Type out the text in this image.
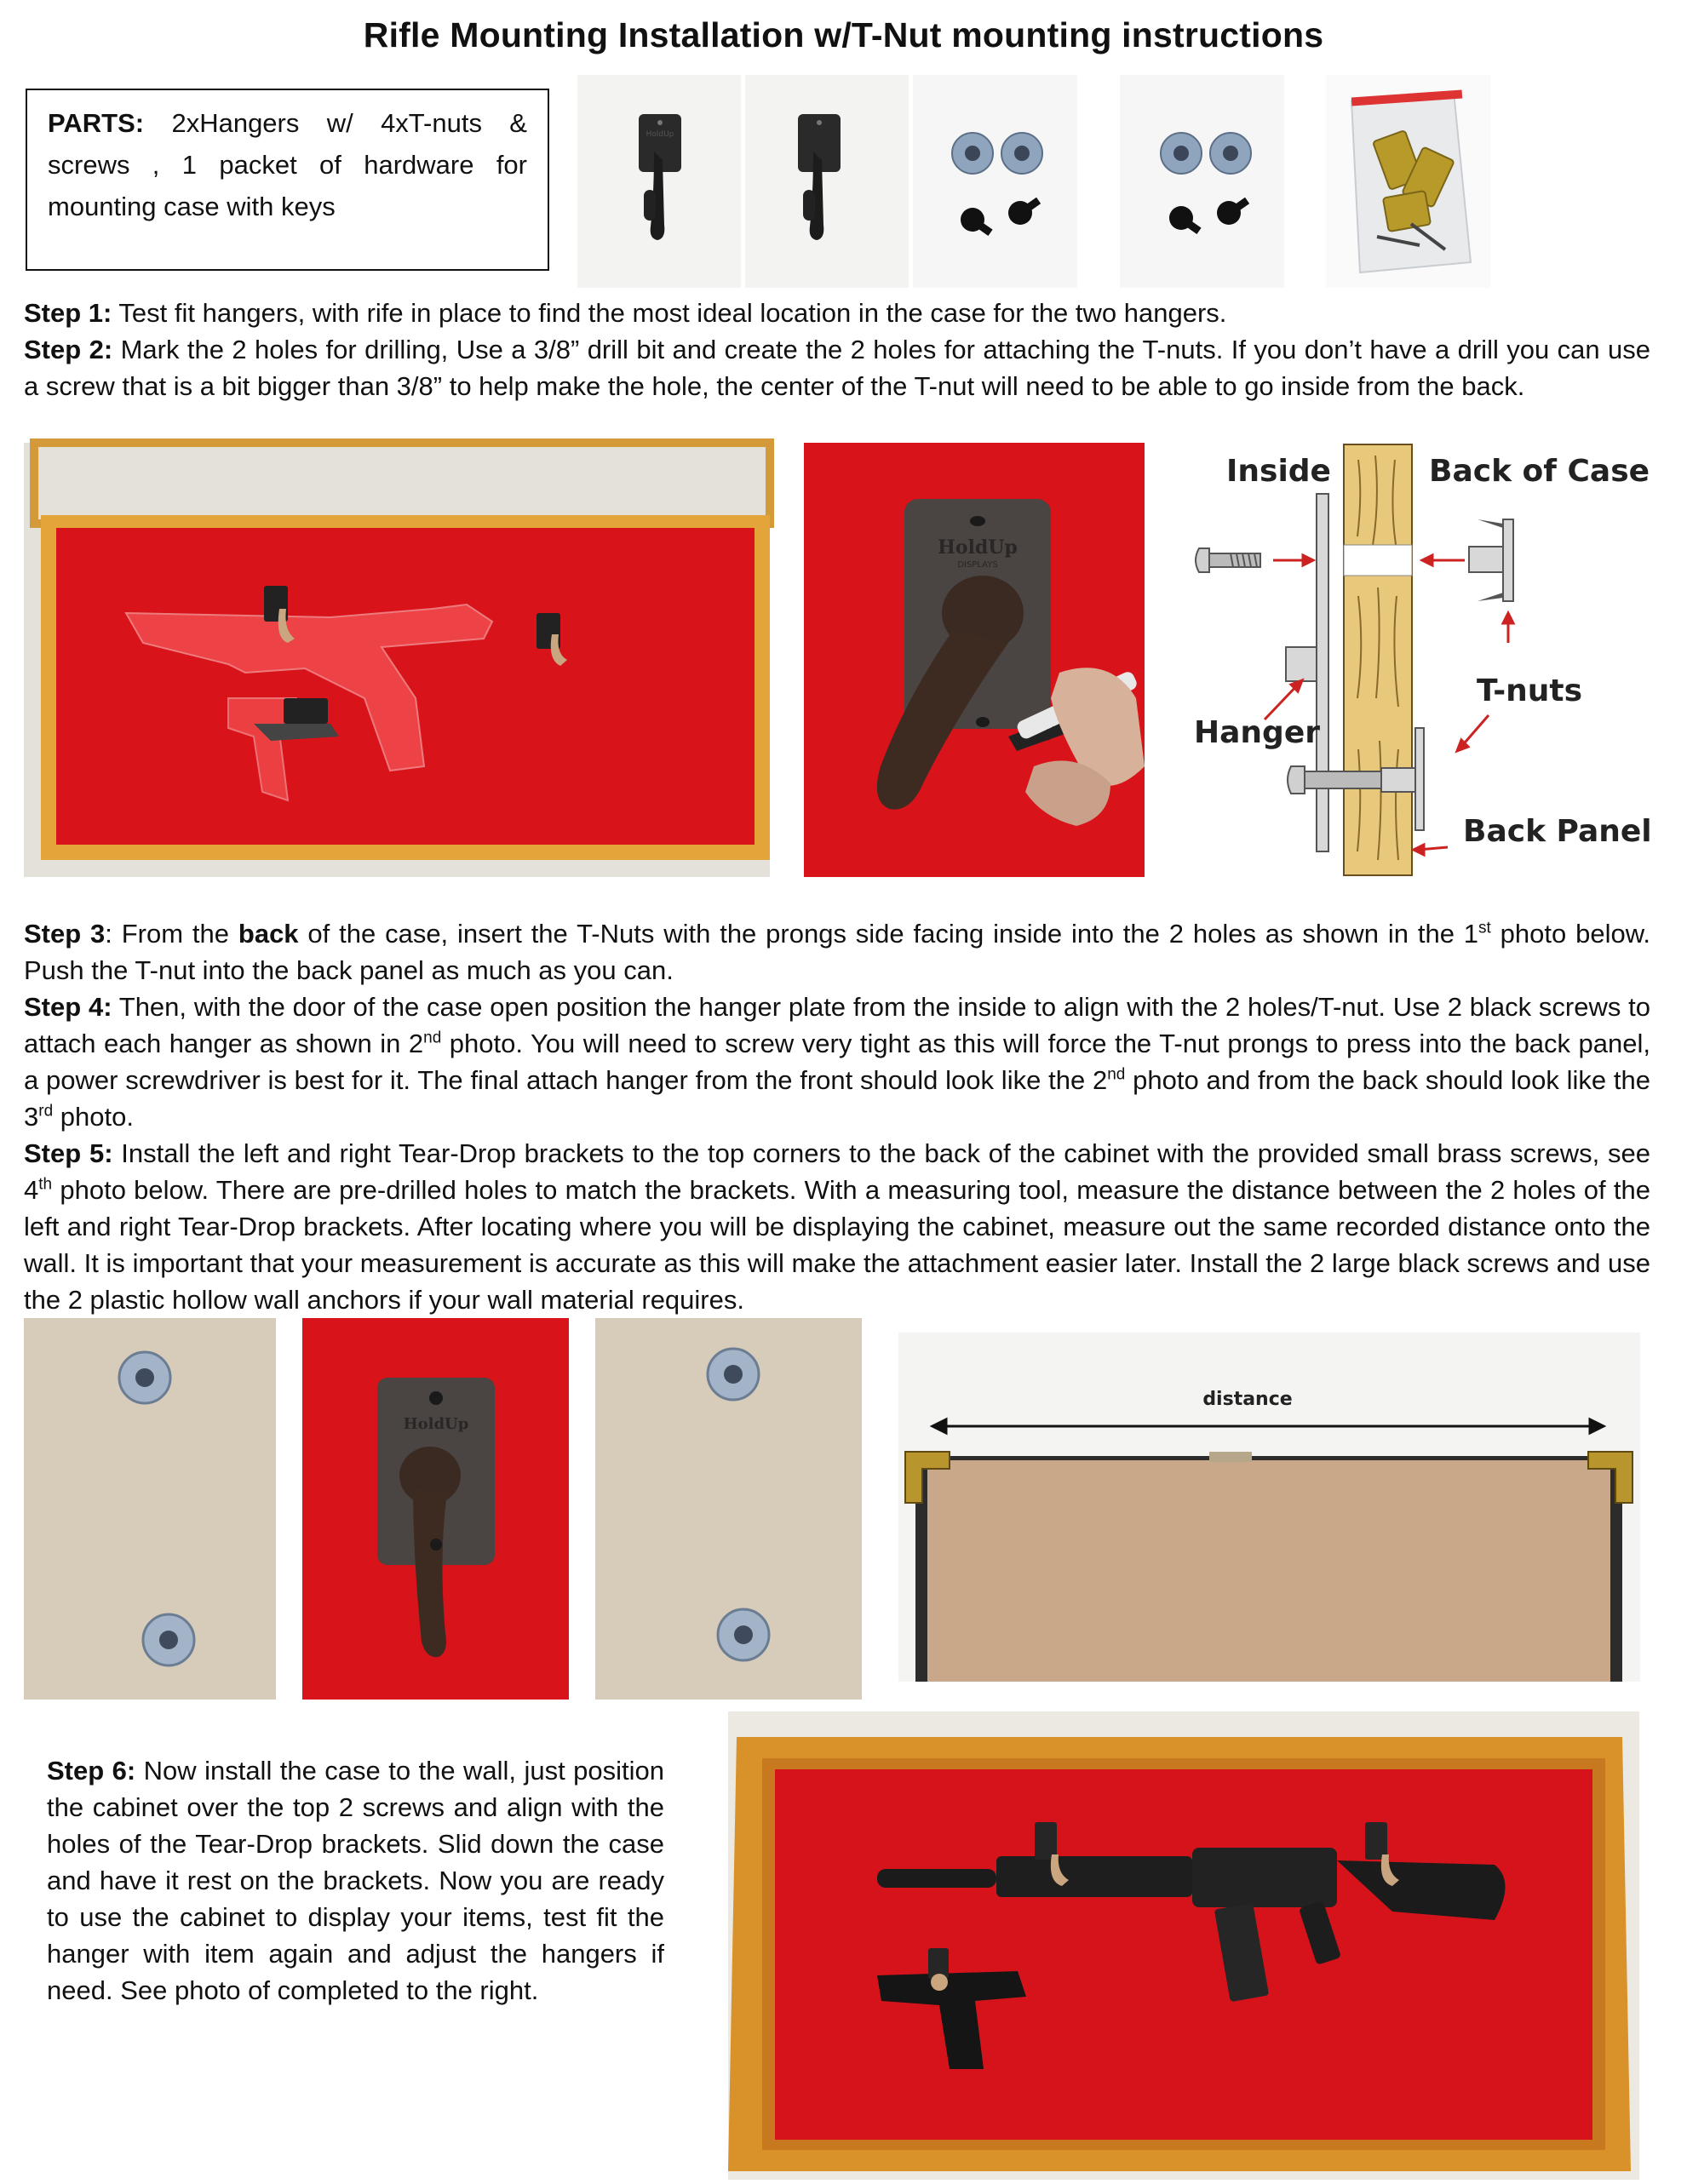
Rifle Mounting Installation w/T-Nut mounting instructions
PARTS: 2xHangers w/ 4xT-nuts & screws , 1 packet of hardware for mounting case with keys
HoldUp
Step 1: Test fit hangers, with rife in place to find the most ideal location in the case for the two hangers.
Step 2: Mark the 2 holes for drilling, Use a 3/8” drill bit and create the 2 holes for attaching the T-nuts. If you don’t have a drill you can use a screw that is a bit bigger than 3/8” to help make the hole, the center of the T-nut will need to be able to go inside from the back.
HoldUp
DISPLAYS
Inside	Back of Case
T-nuts
Hanger
Back Panel
Step 3: From the back of the case, insert the T-Nuts with the prongs side facing inside into the 2 holes as shown in the 1st photo below. Push the T-nut into the back panel as much as you can.
Step 4: Then, with the door of the case open position the hanger plate from the inside to align with the 2 holes/T-nut. Use 2 black screws to attach each hanger as shown in 2nd photo. You will need to screw very tight as this will force the T-nut prongs to press into the back panel, a power screwdriver is best for it. The final attach hanger from the front should look like the 2nd photo and from the back should look like the 3rd photo.
Step 5: Install the left and right Tear-Drop brackets to the top corners to the back of the cabinet with the provided small brass screws, see 4th photo below. There are pre-drilled holes to match the brackets. With a measuring tool, measure the distance between the 2 holes of the left and right Tear-Drop brackets. After locating where you will be displaying the cabinet, measure out the same recorded distance onto the wall. It is important that your measurement is accurate as this will make the attachment easier later. Install the 2 large black screws and use the 2 plastic hollow wall anchors if your wall material requires.
HoldUp
distance
Step 6: Now install the case to the wall, just position the cabinet over the top 2 screws and align with the holes of the Tear-Drop brackets. Slid down the case and have it rest on the brackets. Now you are ready to use the cabinet to display your items, test fit the hanger with item again and adjust the hangers if need. See photo of completed to the right.
